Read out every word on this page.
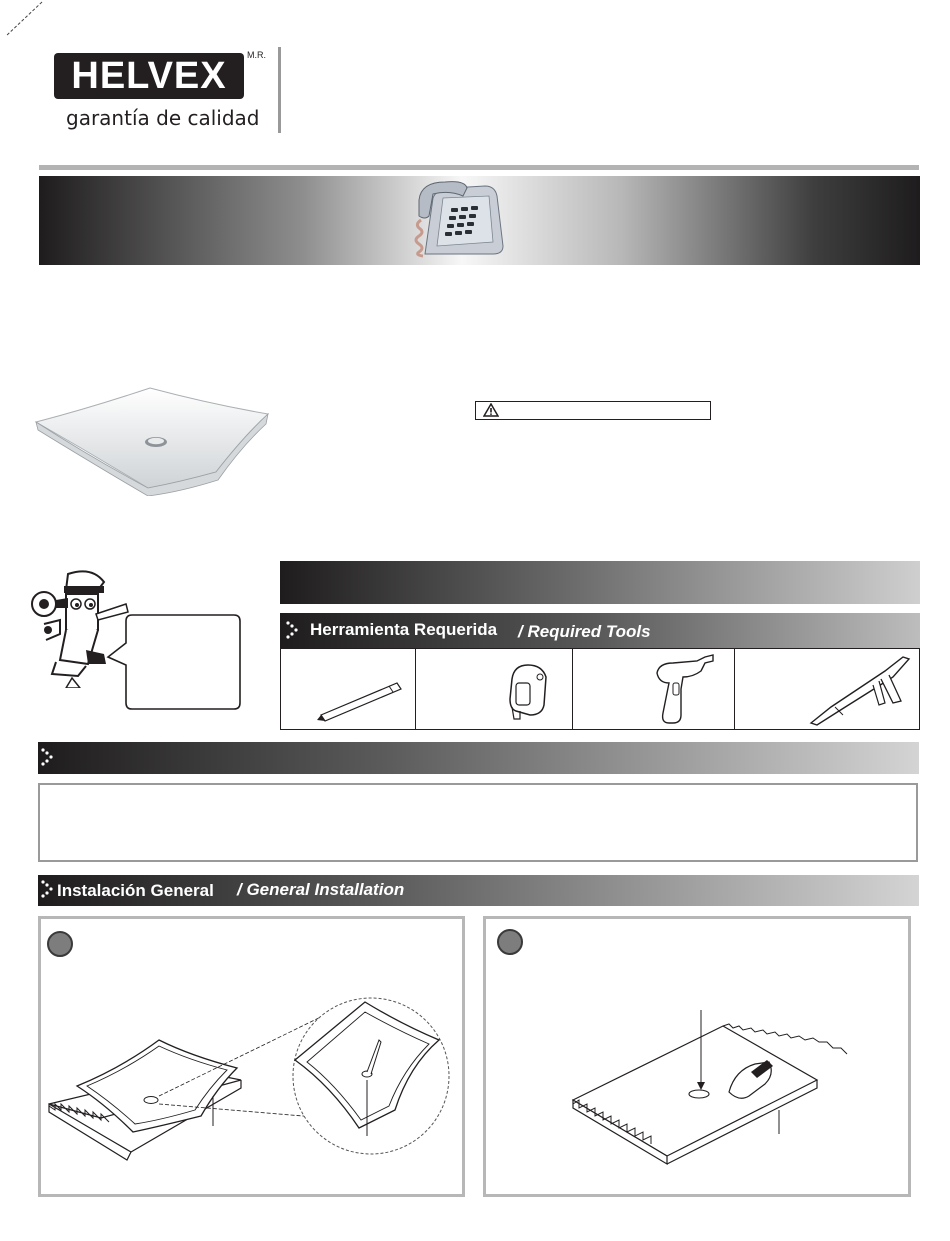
HELVEX	M.R.
garantía de calidad
Herramienta Requerida / Required Tools
Instalación General / General Installation
